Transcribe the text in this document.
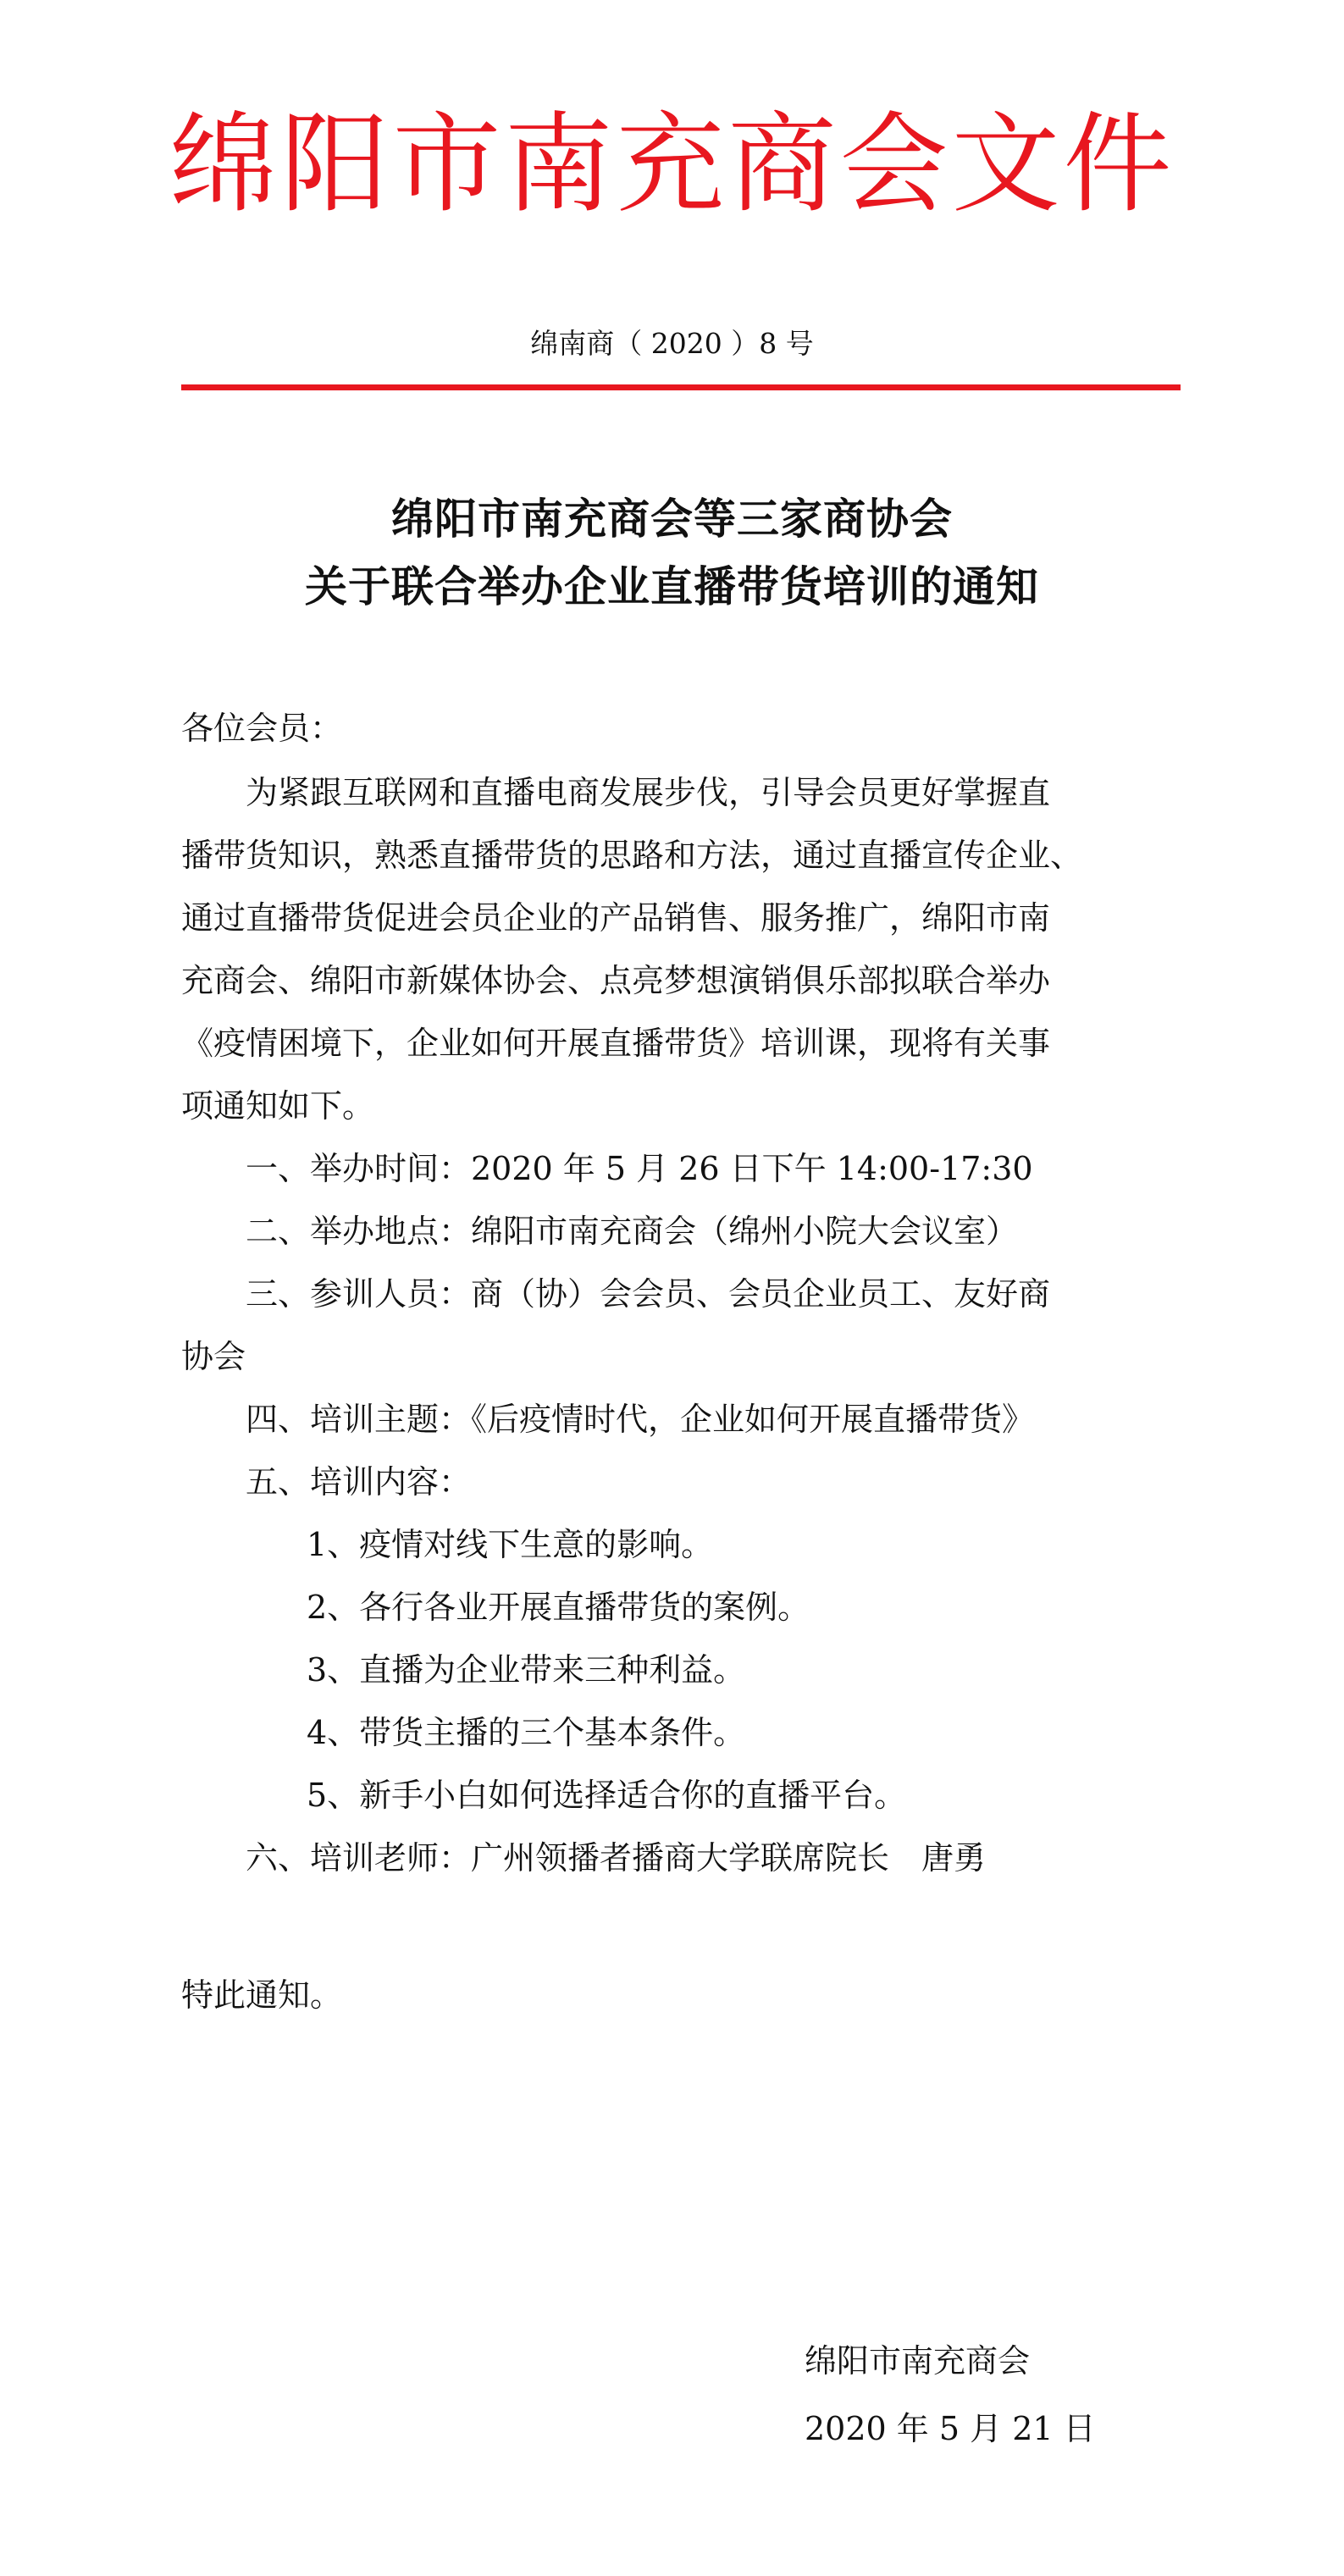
绵阳市南充商会文件
绵南商（ 2020 ）8 号
绵阳市南充商会等三家商协会
关于联合举办企业直播带货培训的通知
各位会员：
为紧跟互联网和直播电商发展步伐，引导会员更好掌握直
播带货知识，熟悉直播带货的思路和方法，通过直播宣传企业、
通过直播带货促进会员企业的产品销售、服务推广，绵阳市南
充商会、绵阳市新媒体协会、点亮梦想演销俱乐部拟联合举办
《疫情困境下，企业如何开展直播带货》培训课，现将有关事
项通知如下。
一、举办时间：2020 年 5 月 26 日下午 14:00-17:30
二、举办地点：绵阳市南充商会（绵州小院大会议室）
三、参训人员：商（协）会会员、会员企业员工、友好商
协会
四、培训主题：《后疫情时代，企业如何开展直播带货》
五、培训内容：
1、疫情对线下生意的影响。
2、各行各业开展直播带货的案例。
3、直播为企业带来三种利益。
4、带货主播的三个基本条件。
5、新手小白如何选择适合你的直播平台。
六、培训老师：广州领播者播商大学联席院长　唐勇
特此通知。
绵阳市南充商会
2020 年 5 月 21 日
